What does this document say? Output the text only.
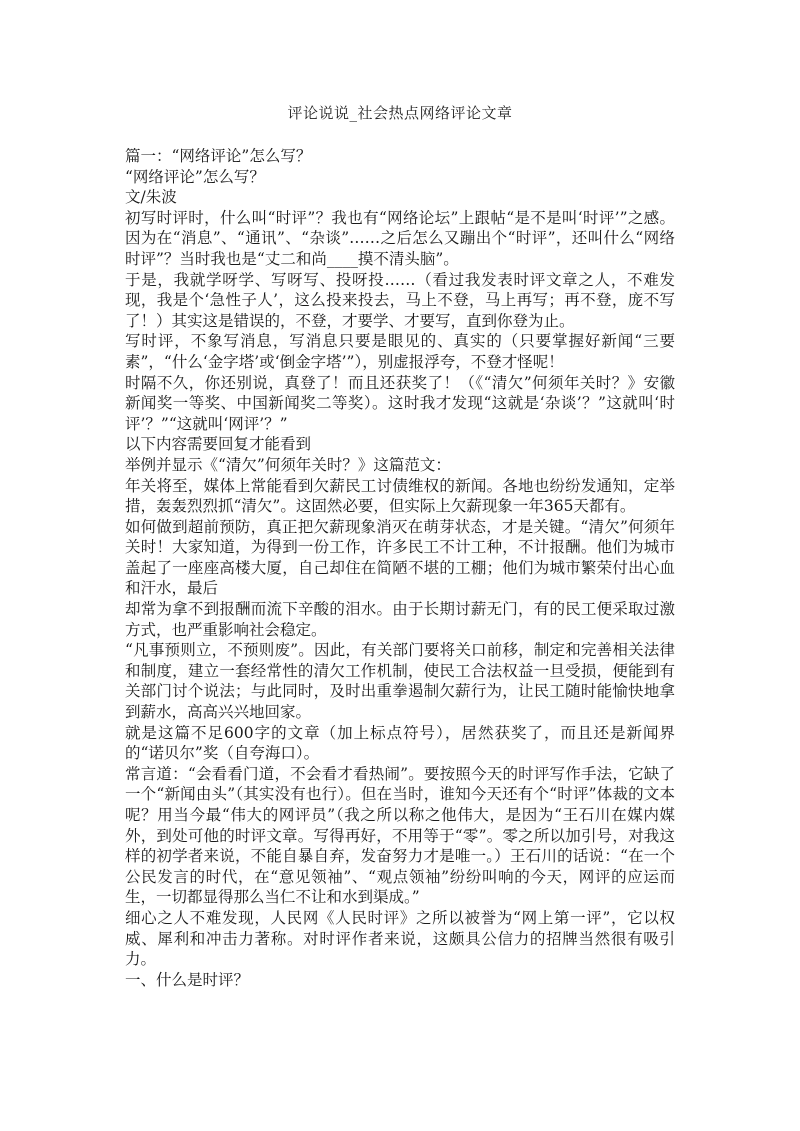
评论说说_社会热点网络评论文章

篇一：“网络评论”怎么写？

“网络评论”怎么写？

文/朱波

初写时评时，什么叫“时评”？我也有“网络论坛”上跟帖“是不是叫‘时评’”之感。因为在“消息”、“通讯”、“杂谈”……之后怎么又蹦出个“时评”，还叫什么“网络时评”？当时我也是“丈二和尚____摸不清头脑”。

于是，我就学呀学、写呀写、投呀投……（看过我发表时评文章之人，不难发现，我是个‘急性子人’，这么投来投去，马上不登，马上再写；再不登，庞不写了！）其实这是错误的，不登，才要学、才要写，直到你登为止。

写时评，不象写消息，写消息只要是眼见的、真实的（只要掌握好新闻“三要素”，“什么‘金字塔’或‘倒金字塔’”），别虚报浮夸，不登才怪呢！

时隔不久，你还别说，真登了！而且还获奖了！（《“清欠”何须年关时？》安徽新闻奖一等奖、中国新闻奖二等奖）。这时我才发现“这就是‘杂谈’？”这就叫‘时评’？”“这就叫‘网评’？”

以下内容需要回复才能看到

举例并显示《“清欠”何须年关时？》这篇范文：

年关将至，媒体上常能看到欠薪民工讨债维权的新闻。各地也纷纷发通知，定举措，轰轰烈烈抓“清欠”。这固然必要，但实际上欠薪现象一年365天都有。

如何做到超前预防，真正把欠薪现象消灭在萌芽状态，才是关键。“清欠”何须年关时！大家知道，为得到一份工作，许多民工不计工种，不计报酬。他们为城市盖起了一座座高楼大厦，自己却住在简陋不堪的工棚；他们为城市繁荣付出心血和汗水，最后

却常为拿不到报酬而流下辛酸的泪水。由于长期讨薪无门，有的民工便采取过激方式，也严重影响社会稳定。

“凡事预则立，不预则废”。因此，有关部门要将关口前移，制定和完善相关法律和制度，建立一套经常性的清欠工作机制，使民工合法权益一旦受损，便能到有关部门讨个说法；与此同时，及时出重拳遏制欠薪行为，让民工随时能愉快地拿到薪水，高高兴兴地回家。

就是这篇不足600字的文章（加上标点符号），居然获奖了，而且还是新闻界的“诺贝尔”奖（自夸海口）。

常言道：“会看看门道，不会看才看热闹”。要按照今天的时评写作手法，它缺了一个“新闻由头”（其实没有也行）。但在当时，谁知今天还有个“时评”体裁的文本呢？用当今最“伟大的网评员”（我之所以称之他伟大，是因为“王石川在媒内媒外，到处可他的时评文章。写得再好，不用等于“零”。零之所以加引号，对我这样的初学者来说，不能自暴自弃，发奋努力才是唯一。）王石川的话说：“在一个公民发言的时代，在“意见领袖”、“观点领袖”纷纷叫响的今天，网评的应运而生，一切都显得那么当仁不让和水到渠成。”

细心之人不难发现，人民网《人民时评》之所以被誉为“网上第一评”，它以权威、犀利和冲击力著称。对时评作者来说，这颇具公信力的招牌当然很有吸引力。

一、什么是时评？
